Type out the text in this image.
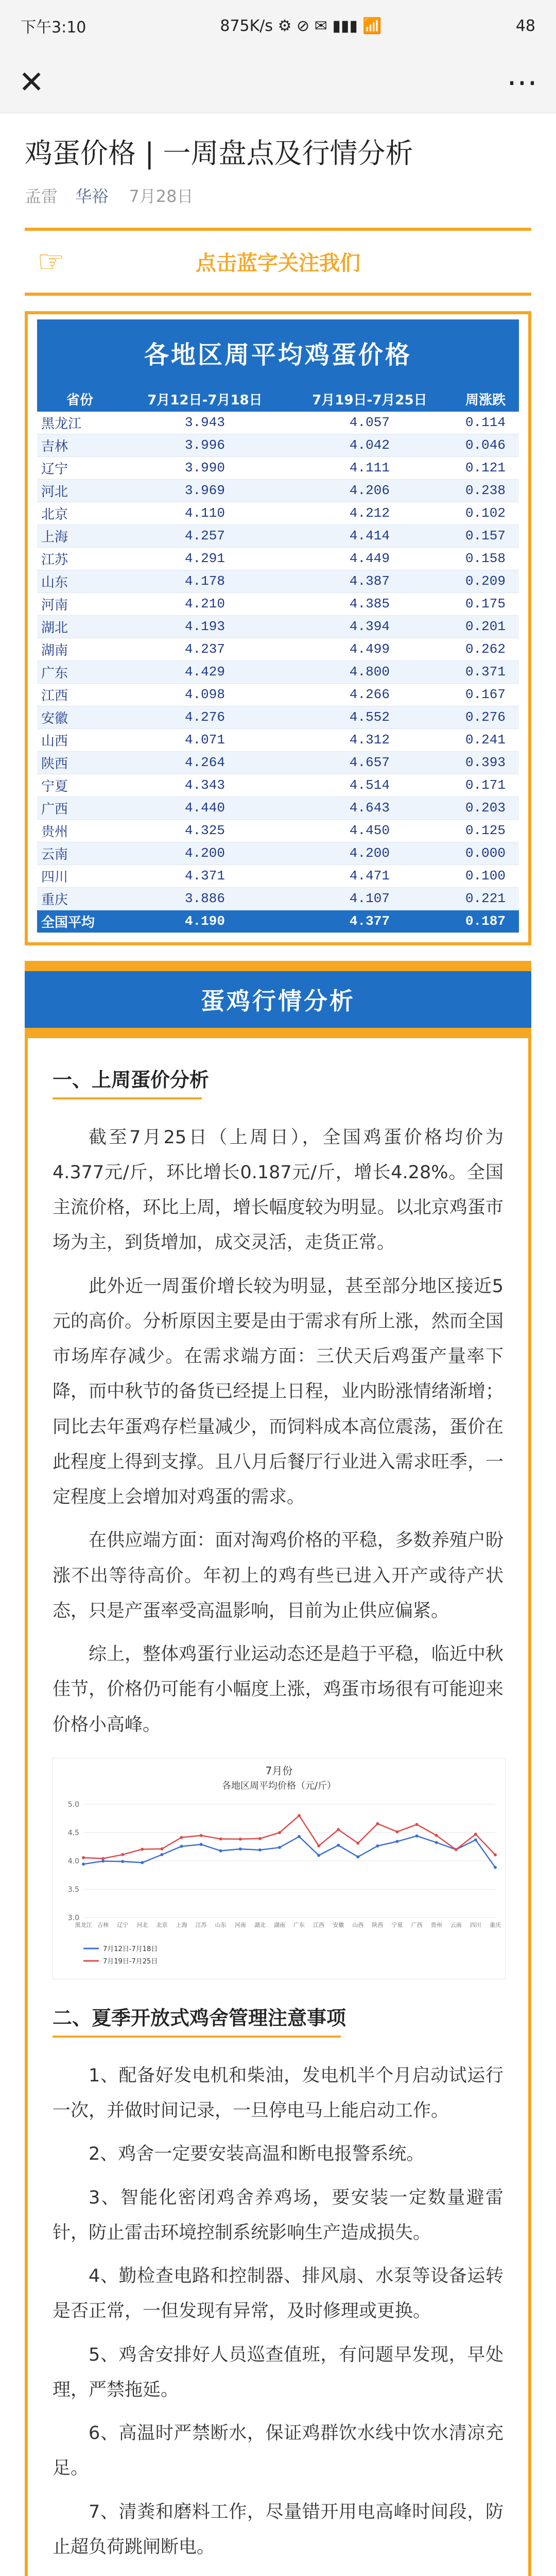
下午3:10	875K/s ⚙ ⊘ ✉ ▮▮▮ 📶	48
✕	⋯
鸡蛋价格 | 一周盘点及行情分析
孟雷 华裕 7月28日
☞	点击蓝字关注我们
各地区周平均鸡蛋价格
省份	7月12日-7月18日	7月19日-7月25日	周涨跌
黑龙江	3.943	4.057	0.114
吉林	3.996	4.042	0.046
辽宁	3.990	4.111	0.121
河北	3.969	4.206	0.238
北京	4.110	4.212	0.102
上海	4.257	4.414	0.157
江苏	4.291	4.449	0.158
山东	4.178	4.387	0.209
河南	4.210	4.385	0.175
湖北	4.193	4.394	0.201
湖南	4.237	4.499	0.262
广东	4.429	4.800	0.371
江西	4.098	4.266	0.167
安徽	4.276	4.552	0.276
山西	4.071	4.312	0.241
陕西	4.264	4.657	0.393
宁夏	4.343	4.514	0.171
广西	4.440	4.643	0.203
贵州	4.325	4.450	0.125
云南	4.200	4.200	0.000
四川	4.371	4.471	0.100
重庆	3.886	4.107	0.221
全国平均	4.190	4.377	0.187
蛋鸡行情分析
一、上周蛋价分析

截至7月25日（上周日），全国鸡蛋价格均价为4.377元/斤，环比增长0.187元/斤，增长4.28%。全国主流价格，环比上周，增长幅度较为明显。以北京鸡蛋市场为主，到货增加，成交灵活，走货正常。

此外近一周蛋价增长较为明显，甚至部分地区接近5元的高价。分析原因主要是由于需求有所上涨，然而全国市场库存减少。在需求端方面：三伏天后鸡蛋产量率下降，而中秋节的备货已经提上日程，业内盼涨情绪渐增；同比去年蛋鸡存栏量减少，而饲料成本高位震荡，蛋价在此程度上得到支撑。且八月后餐厅行业进入需求旺季，一定程度上会增加对鸡蛋的需求。

在供应端方面：面对淘鸡价格的平稳，多数养殖户盼涨不出等待高价。年初上的鸡有些已进入开产或待产状态，只是产蛋率受高温影响，目前为止供应偏紧。

综上，整体鸡蛋行业运动态还是趋于平稳，临近中秋佳节，价格仍可能有小幅度上涨，鸡蛋市场很有可能迎来价格小高峰。

7月份
各地区周平均价格（元/斤）
3.0
3.5
4.0
4.5
5.0
黑龙江 吉林 辽宁 河北 北京 上海 江苏 山东 河南 湖北 湖南 广东 江西 安徽 山西 陕西 宁夏 广西 贵州 云南 四川 重庆
7月12日-7月18日
7月19日-7月25日
二、夏季开放式鸡舍管理注意事项

1、配备好发电机和柴油，发电机半个月启动试运行一次，并做时间记录，一旦停电马上能启动工作。

2、鸡舍一定要安装高温和断电报警系统。

3、智能化密闭鸡舍养鸡场，要安装一定数量避雷针，防止雷击环境控制系统影响生产造成损失。

4、勤检查电路和控制器、排风扇、水泵等设备运转是否正常，一但发现有异常，及时修理或更换。

5、鸡舍安排好人员巡查值班，有问题早发现，早处理，严禁拖延。

6、高温时严禁断水，保证鸡群饮水线中饮水清凉充足。

7、清粪和磨料工作，尽量错开用电高峰时间段，防止超负荷跳闸断电。
